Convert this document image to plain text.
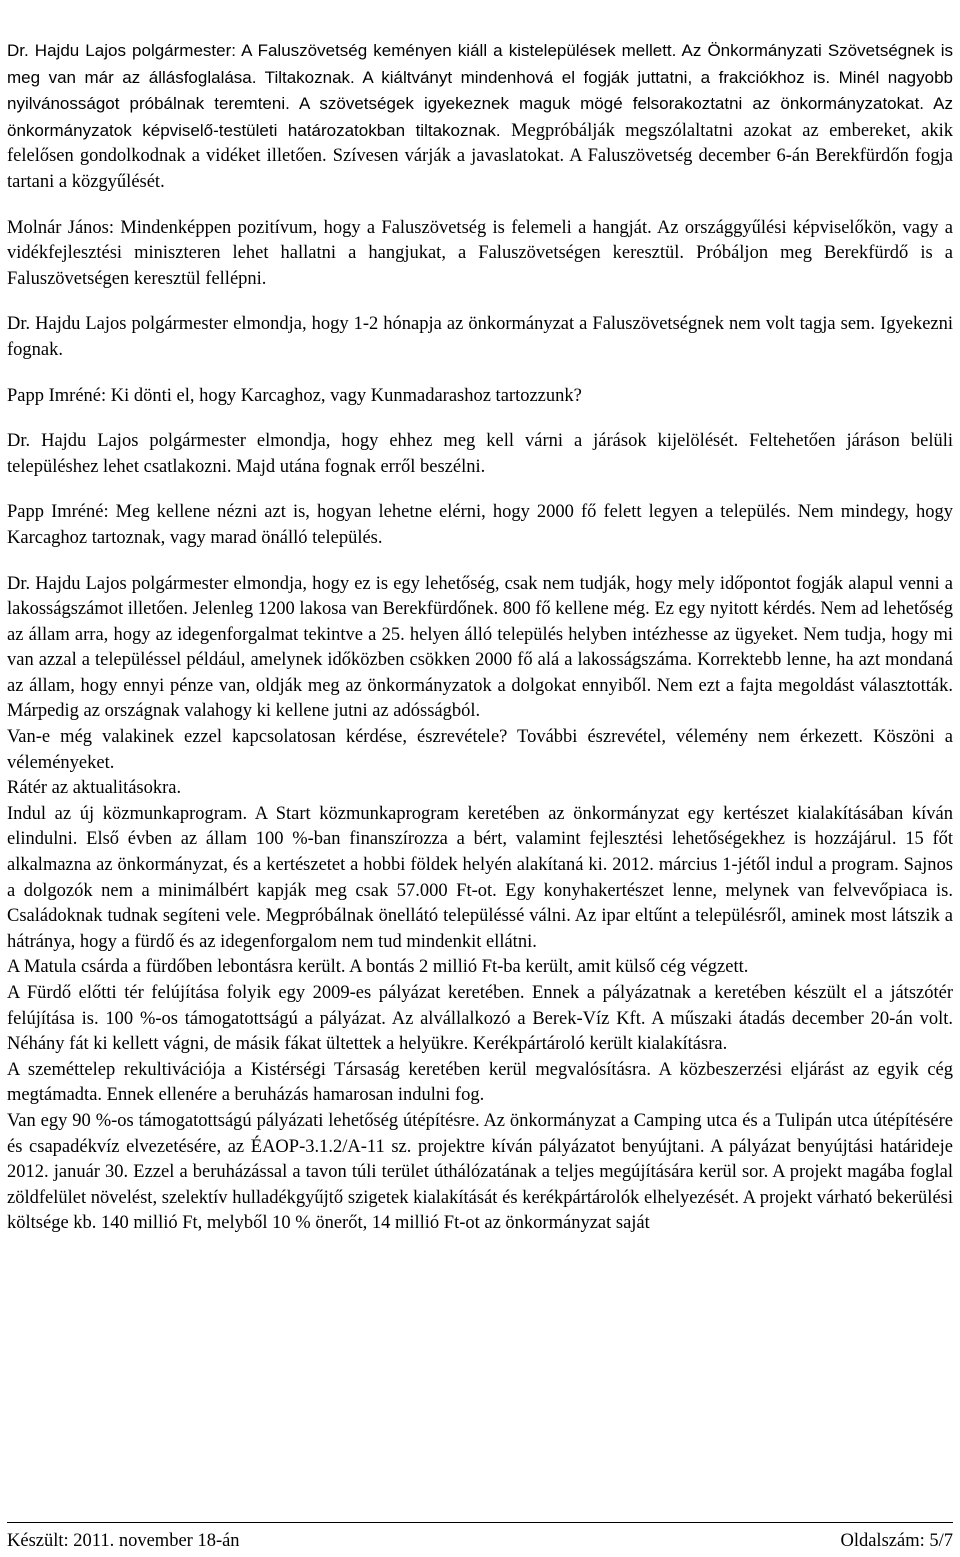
Dr. Hajdu Lajos polgármester: A Faluszövetség keményen kiáll a kistelepülések mellett. Az Önkormányzati Szövetségnek is meg van már az állásfoglalása. Tiltakoznak. A kiáltványt mindenhová el fogják juttatni, a frakciókhoz is. Minél nagyobb nyilvánosságot próbálnak teremteni. A szövetségek igyekeznek maguk mögé felsorakoztatni az önkormányzatokat. Az önkormányzatok képviselő-testületi határozatokban tiltakoznak. Megpróbálják megszólaltatni azokat az embereket, akik felelősen gondolkodnak a vidéket illetően. Szívesen várják a javaslatokat. A Faluszövetség december 6-án Berekfürdőn fogja tartani a közgyűlését.

Molnár János: Mindenképpen pozitívum, hogy a Faluszövetség is felemeli a hangját. Az országgyűlési képviselőkön, vagy a vidékfejlesztési miniszteren lehet hallatni a hangjukat, a Faluszövetségen keresztül. Próbáljon meg Berekfürdő is a Faluszövetségen keresztül fellépni.

Dr. Hajdu Lajos polgármester elmondja, hogy 1-2 hónapja az önkormányzat a Faluszövetségnek nem volt tagja sem. Igyekezni fognak.

Papp Imréné: Ki dönti el, hogy Karcaghoz, vagy Kunmadarashoz tartozzunk?

Dr. Hajdu Lajos polgármester elmondja, hogy ehhez meg kell várni a járások kijelölését. Feltehetően járáson belüli településhez lehet csatlakozni. Majd utána fognak erről beszélni.

Papp Imréné: Meg kellene nézni azt is, hogyan lehetne elérni, hogy 2000 fő felett legyen a település. Nem mindegy, hogy Karcaghoz tartoznak, vagy marad önálló település.

Dr. Hajdu Lajos polgármester elmondja, hogy ez is egy lehetőség, csak nem tudják, hogy mely időpontot fogják alapul venni a lakosságszámot illetően. Jelenleg 1200 lakosa van Berekfürdőnek. 800 fő kellene még. Ez egy nyitott kérdés. Nem ad lehetőség az állam arra, hogy az idegenforgalmat tekintve a 25. helyen álló település helyben intézhesse az ügyeket. Nem tudja, hogy mi van azzal a településsel például, amelynek időközben csökken 2000 fő alá a lakosságszáma. Korrektebb lenne, ha azt mondaná az állam, hogy ennyi pénze van, oldják meg az önkormányzatok a dolgokat ennyiből. Nem ezt a fajta megoldást választották. Márpedig az országnak valahogy ki kellene jutni az adósságból.

Van-e még valakinek ezzel kapcsolatosan kérdése, észrevétele? További észrevétel, vélemény nem érkezett. Köszöni a véleményeket.

Rátér az aktualitásokra.

Indul az új közmunkaprogram. A Start közmunkaprogram keretében az önkormányzat egy kertészet kialakításában kíván elindulni. Első évben az állam 100 %-ban finanszírozza a bért, valamint fejlesztési lehetőségekhez is hozzájárul. 15 főt alkalmazna az önkormányzat, és a kertészetet a hobbi földek helyén alakítaná ki. 2012. március 1-jétől indul a program. Sajnos a dolgozók nem a minimálbért kapják meg csak 57.000 Ft-ot. Egy konyhakertészet lenne, melynek van felvevőpiaca is. Családoknak tudnak segíteni vele. Megpróbálnak önellátó településsé válni. Az ipar eltűnt a településről, aminek most látszik a hátránya, hogy a fürdő és az idegenforgalom nem tud mindenkit ellátni.

A Matula csárda a fürdőben lebontásra került. A bontás 2 millió Ft-ba került, amit külső cég végzett.

A Fürdő előtti tér felújítása folyik egy 2009-es pályázat keretében. Ennek a pályázatnak a keretében készült el a játszótér felújítása is. 100 %-os támogatottságú a pályázat. Az alvállalkozó a Berek-Víz Kft. A műszaki átadás december 20-án volt. Néhány fát ki kellett vágni, de másik fákat ültettek a helyükre. Kerékpártároló került kialakításra.

A szeméttelep rekultivációja a Kistérségi Társaság keretében kerül megvalósításra. A közbeszerzési eljárást az egyik cég megtámadta. Ennek ellenére a beruházás hamarosan indulni fog.

Van egy 90 %-os támogatottságú pályázati lehetőség útépítésre. Az önkormányzat a Camping utca és a Tulipán utca útépítésére és csapadékvíz elvezetésére, az ÉAOP-3.1.2/A-11 sz. projektre kíván pályázatot benyújtani. A pályázat benyújtási határideje 2012. január 30. Ezzel a beruházással a tavon túli terület úthálózatának a teljes megújítására kerül sor. A projekt magába foglal zöldfelület növelést, szelektív hulladékgyűjtő szigetek kialakítását és kerékpártárolók elhelyezését. A projekt várható bekerülési költsége kb. 140 millió Ft, melyből 10 % önerőt, 14 millió Ft-ot az önkormányzat saját

Készült: 2011. november 18-án	Oldalszám: 5/7
